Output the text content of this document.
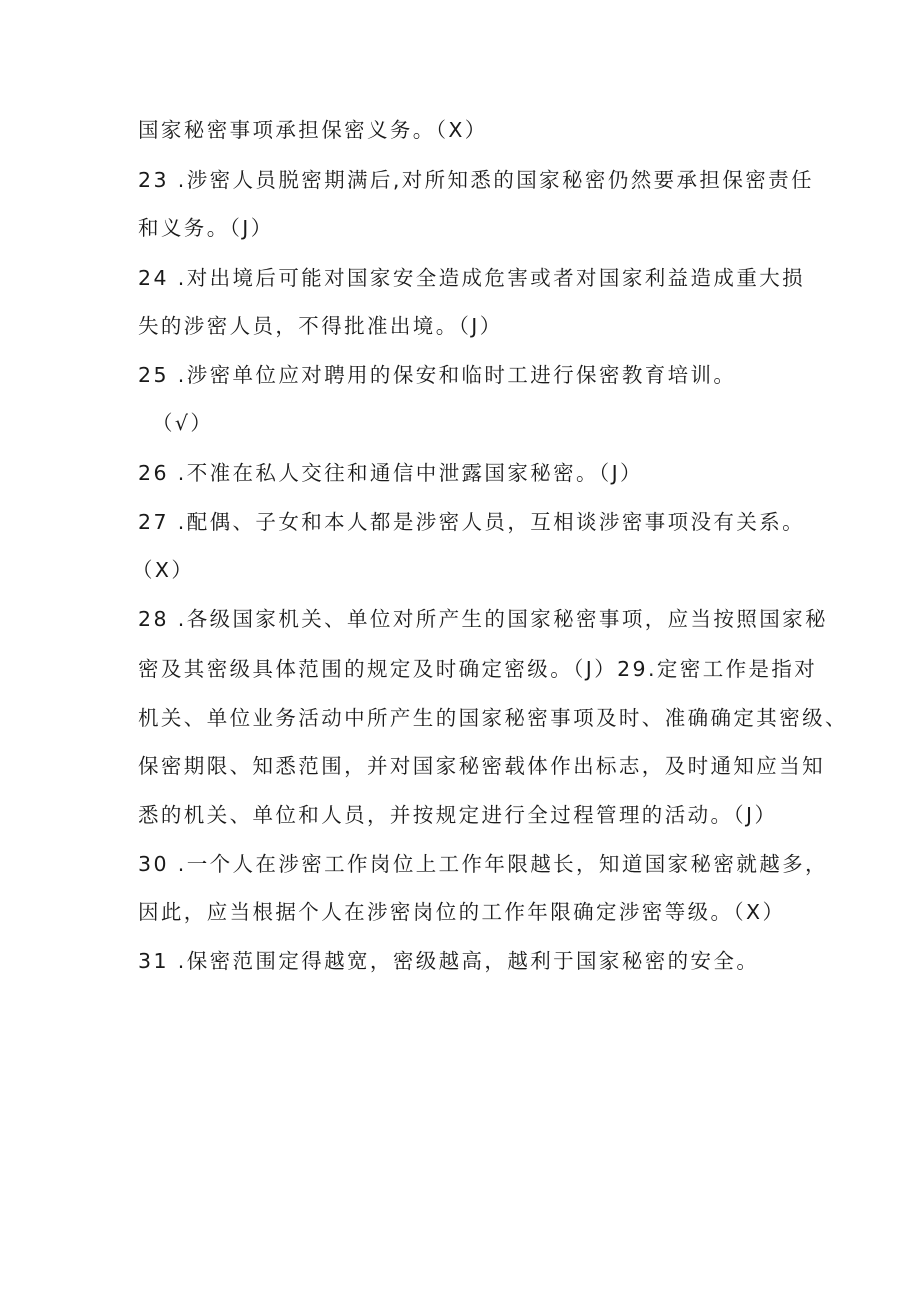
国家秘密事项承担保密义务。（X）
23 .涉密人员脱密期满后,对所知悉的国家秘密仍然要承担保密责任
和义务。（J）
24 .对出境后可能对国家安全造成危害或者对国家利益造成重大损
失的涉密人员，不得批准出境。（J）
25 .涉密单位应对聘用的保安和临时工进行保密教育培训。
（√）
26 .不准在私人交往和通信中泄露国家秘密。（J）
27 .配偶、子女和本人都是涉密人员，互相谈涉密事项没有关系。
（X）
28 .各级国家机关、单位对所产生的国家秘密事项，应当按照国家秘
密及其密级具体范围的规定及时确定密级。（J）29.定密工作是指对
机关、单位业务活动中所产生的国家秘密事项及时、准确确定其密级、
保密期限、知悉范围，并对国家秘密载体作出标志，及时通知应当知
悉的机关、单位和人员，并按规定进行全过程管理的活动。（J）
30 .一个人在涉密工作岗位上工作年限越长，知道国家秘密就越多，
因此，应当根据个人在涉密岗位的工作年限确定涉密等级。（X）
31 .保密范围定得越宽，密级越高，越利于国家秘密的安全。
